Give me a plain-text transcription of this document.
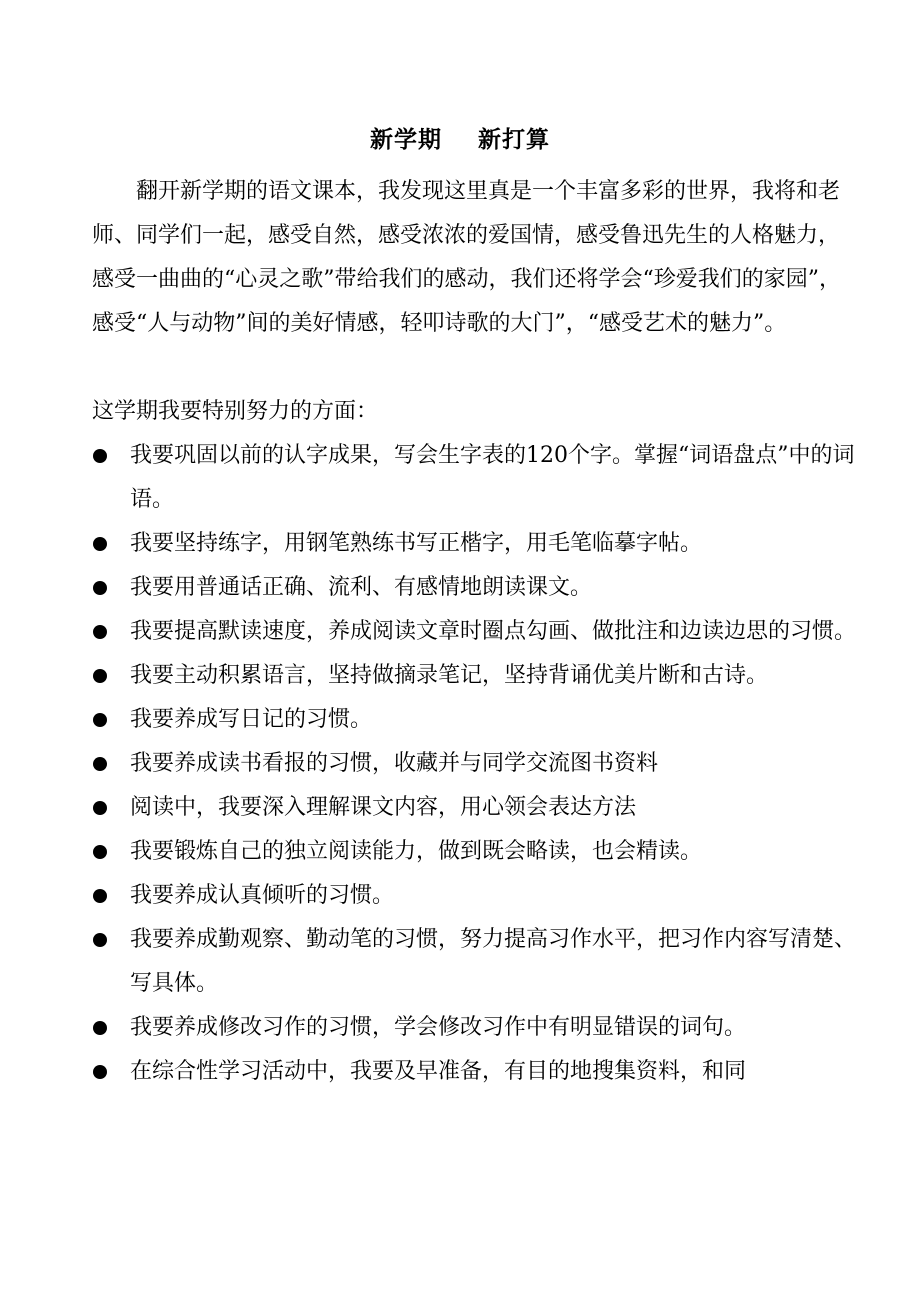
新学期    新打算

翻开新学期的语文课本，我发现这里真是一个丰富多彩的世界，我将和老师、同学们一起，感受自然，感受浓浓的爱国情，感受鲁迅先生的人格魅力，感受一曲曲的“心灵之歌”带给我们的感动，我们还将学会“珍爱我们的家园”，感受“人与动物”间的美好情感，轻叩诗歌的大门”，“感受艺术的魅力”。

这学期我要特别努力的方面：

我要巩固以前的认字成果，写会生字表的120个字。掌握“词语盘点”中的词语。
我要坚持练字，用钢笔熟练书写正楷字，用毛笔临摹字帖。
我要用普通话正确、流利、有感情地朗读课文。
我要提高默读速度，养成阅读文章时圈点勾画、做批注和边读边思的习惯。
我要主动积累语言，坚持做摘录笔记，坚持背诵优美片断和古诗。
我要养成写日记的习惯。
我要养成读书看报的习惯，收藏并与同学交流图书资料
阅读中，我要深入理解课文内容，用心领会表达方法
我要锻炼自己的独立阅读能力，做到既会略读，也会精读。
我要养成认真倾听的习惯。
我要养成勤观察、勤动笔的习惯，努力提高习作水平，把习作内容写清楚、写具体。
我要养成修改习作的习惯，学会修改习作中有明显错误的词句。
在综合性学习活动中，我要及早准备，有目的地搜集资料，和同
